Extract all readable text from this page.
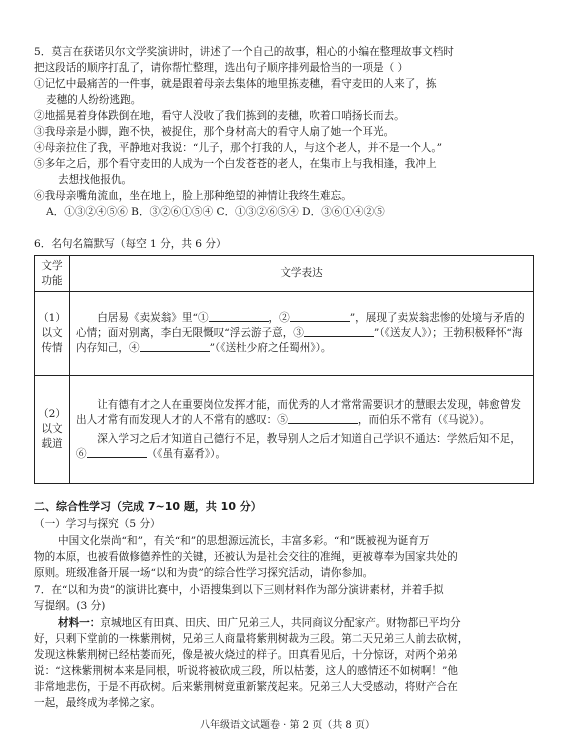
5．莫言在获诺贝尔文学奖演讲时，讲述了一个自己的故事，粗心的小编在整理故事文档时
把这段话的顺序打乱了，请你帮忙整理，选出句子顺序排列最恰当的一项是（ ）
①记忆中最痛苦的一件事，就是跟着母亲去集体的地里拣麦穗，看守麦田的人来了，拣
麦穗的人纷纷逃跑。
②地摇晃着身体跌倒在地，看守人没收了我们拣到的麦穗，吹着口哨扬长而去。
③我母亲是小脚，跑不快，被捉住，那个身材高大的看守人扇了她一个耳光。
④母亲拉住了我，平静地对我说：“儿子，那个打我的人，与这个老人，并不是一个人。”
⑤多年之后，那个看守麦田的人成为一个白发苍苍的老人，在集市上与我相逢，我冲上
去想找他报仇。
⑥我母亲嘴角流血，坐在地上，脸上那种绝望的神情让我终生难忘。
A．①③②④⑤⑥ B．③②⑥①⑤④ C．①③②⑥⑤④ D．③⑥①④②⑤
6．名句名篇默写（每空 1 分，共 6 分）
文学功能	文学表达
（1）以文传情	白居易《卖炭翁》里“① ，② ”，展现了卖炭翁悲惨的处境与矛盾的心情；面对别离，李白无限慨叹“浮云游子意，③ ”（《送友人》）；王勃积极释怀“海内存知己，④ ”（《送杜少府之任蜀州》）。

（2）以文载道	让有德有才之人在重要岗位发挥才能，而优秀的人才常常需要识才的慧眼去发现，韩愈曾发出人才常有而发现人才的人不常有的感叹：⑤ ，而伯乐不常有（《马说》）。
深入学习之后才知道自己德行不足，教导别人之后才知道自己学识不通达：学然后知不足，⑥ （《虽有嘉肴》）。
二、综合性学习（完成 7~10 题，共 10 分）
（一）学习与探究（5 分）
中国文化崇尚“和”，有关“和”的思想源远流长，丰富多彩。“和”既被视为诞育万
物的本原，也被看做修德养性的关键，还被认为是社会交往的准绳，更被尊奉为国家共处的
原则。班级准备开展一场“以和为贵”的综合性学习探究活动，请你参加。
7．在“以和为贵”的演讲比赛中，小语搜集到以下三则材料作为部分演讲素材，并着手拟
写提纲。(3 分)
材料一：京城地区有田真、田庆、田广兄弟三人，共同商议分配家产。财物都已平均分
好，只剩下堂前的一株紫荆树，兄弟三人商量将紫荆树裁为三段。第二天兄弟三人前去砍树，
发现这株紫荆树已经枯萎而死，像是被火烧过的样子。田真看见后，十分惊讶，对两个弟弟
说：“这株紫荆树本来是同根，听说将被砍成三段，所以枯萎，这人的感情还不如树啊！”他
非常地悲伤，于是不再砍树。后来紫荆树竟重新繁茂起来。兄弟三人大受感动，将财产合在
一起，最终成为孝悌之家。
八年级语文试题卷 · 第 2 页（共 8 页）
